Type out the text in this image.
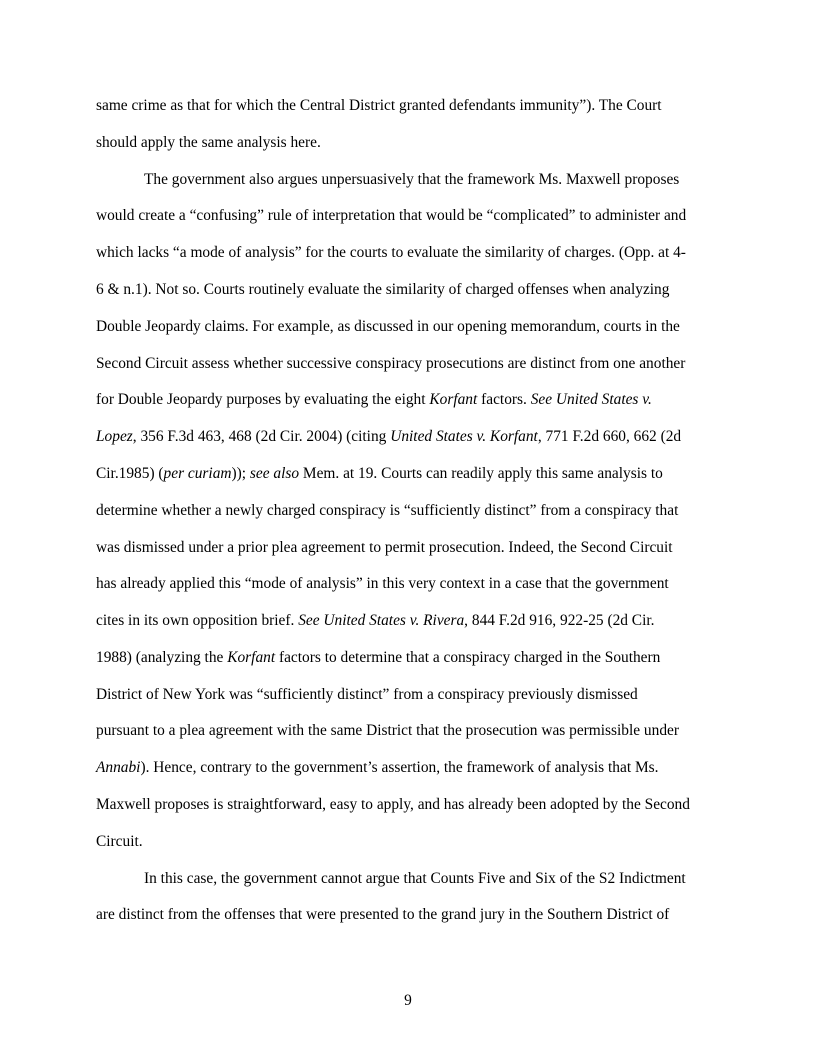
same crime as that for which the Central District granted defendants immunity”). The Court
should apply the same analysis here.
The government also argues unpersuasively that the framework Ms. Maxwell proposes
would create a “confusing” rule of interpretation that would be “complicated” to administer and
which lacks “a mode of analysis” for the courts to evaluate the similarity of charges. (Opp. at 4-
6 & n.1). Not so. Courts routinely evaluate the similarity of charged offenses when analyzing
Double Jeopardy claims. For example, as discussed in our opening memorandum, courts in the
Second Circuit assess whether successive conspiracy prosecutions are distinct from one another
for Double Jeopardy purposes by evaluating the eight Korfant factors. See United States v.
Lopez, 356 F.3d 463, 468 (2d Cir. 2004) (citing United States v. Korfant, 771 F.2d 660, 662 (2d
Cir.1985) (per curiam)); see also Mem. at 19. Courts can readily apply this same analysis to
determine whether a newly charged conspiracy is “sufficiently distinct” from a conspiracy that
was dismissed under a prior plea agreement to permit prosecution. Indeed, the Second Circuit
has already applied this “mode of analysis” in this very context in a case that the government
cites in its own opposition brief. See United States v. Rivera, 844 F.2d 916, 922-25 (2d Cir.
1988) (analyzing the Korfant factors to determine that a conspiracy charged in the Southern
District of New York was “sufficiently distinct” from a conspiracy previously dismissed
pursuant to a plea agreement with the same District that the prosecution was permissible under
Annabi). Hence, contrary to the government’s assertion, the framework of analysis that Ms.
Maxwell proposes is straightforward, easy to apply, and has already been adopted by the Second
Circuit.
In this case, the government cannot argue that Counts Five and Six of the S2 Indictment
are distinct from the offenses that were presented to the grand jury in the Southern District of
9
